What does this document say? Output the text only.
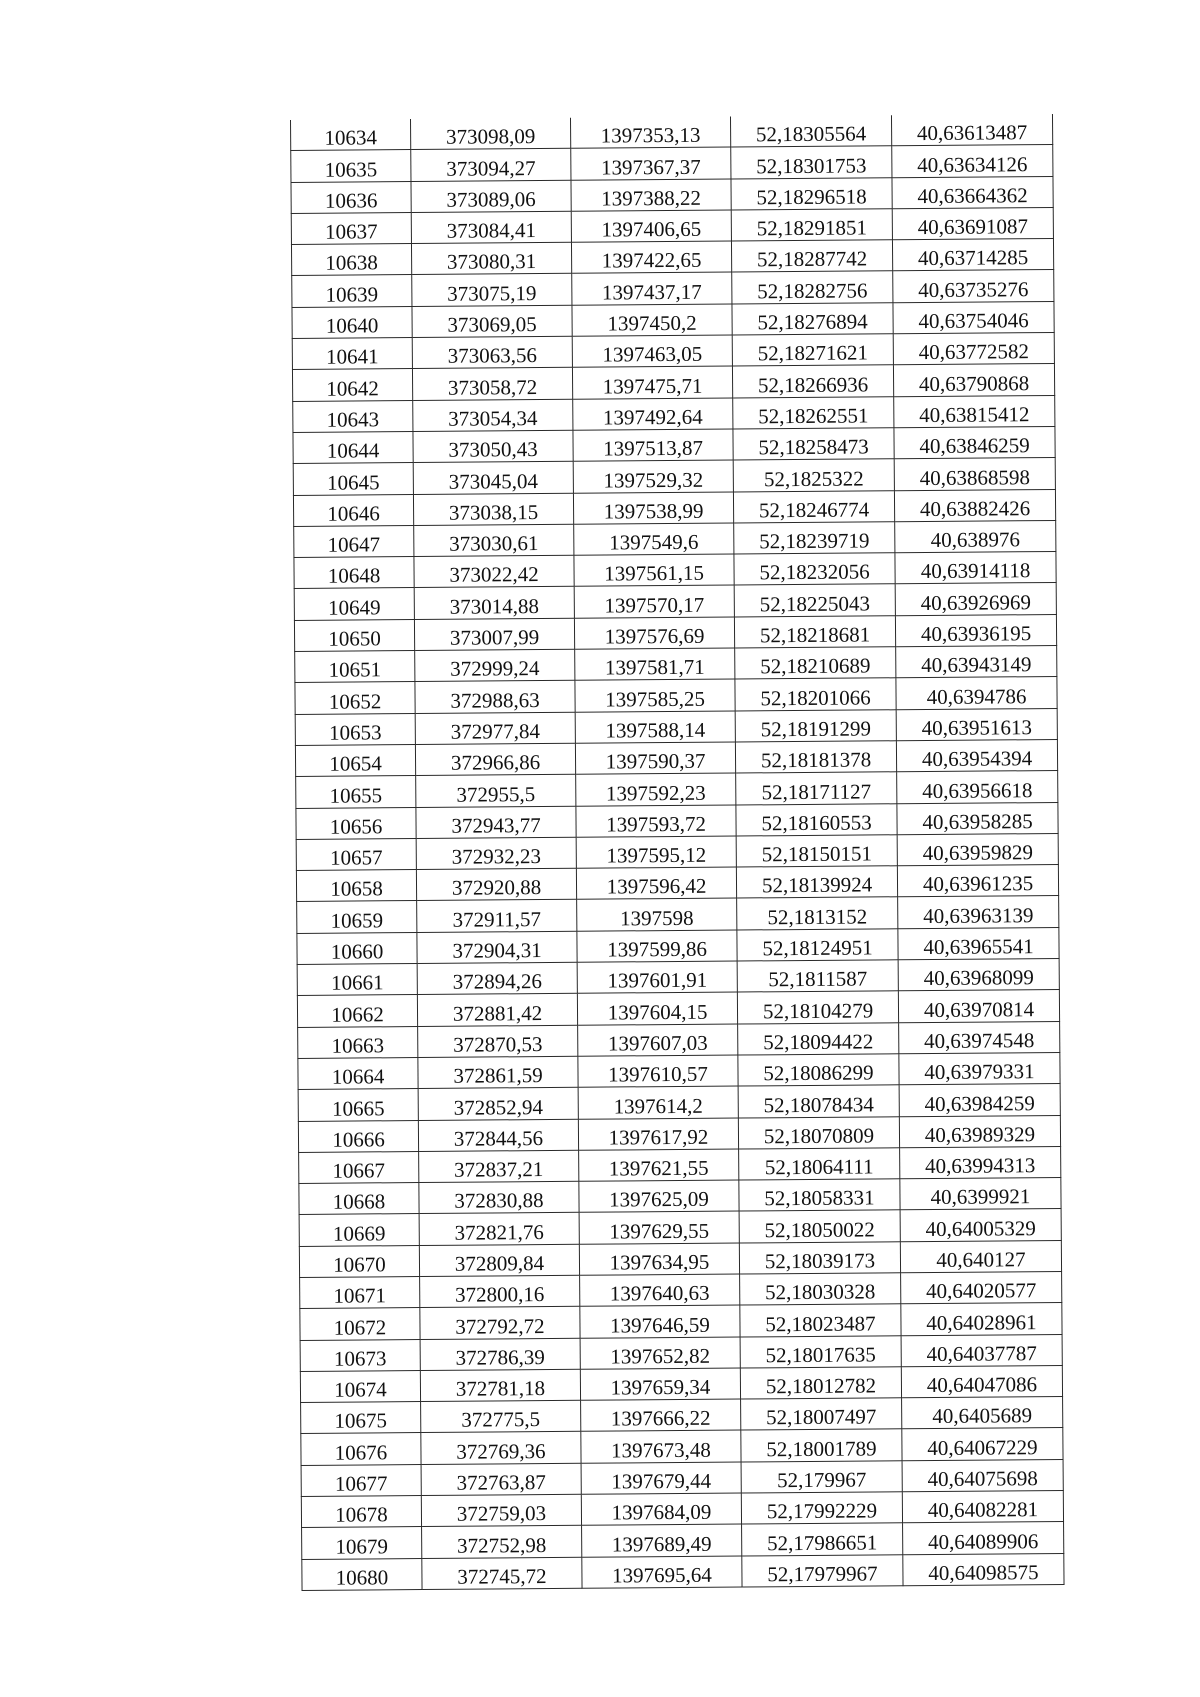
10634	373098,09	1397353,13	52,18305564	40,63613487
10635	373094,27	1397367,37	52,18301753	40,63634126
10636	373089,06	1397388,22	52,18296518	40,63664362
10637	373084,41	1397406,65	52,18291851	40,63691087
10638	373080,31	1397422,65	52,18287742	40,63714285
10639	373075,19	1397437,17	52,18282756	40,63735276
10640	373069,05	1397450,2	52,18276894	40,63754046
10641	373063,56	1397463,05	52,18271621	40,63772582
10642	373058,72	1397475,71	52,18266936	40,63790868
10643	373054,34	1397492,64	52,18262551	40,63815412
10644	373050,43	1397513,87	52,18258473	40,63846259
10645	373045,04	1397529,32	52,1825322	40,63868598
10646	373038,15	1397538,99	52,18246774	40,63882426
10647	373030,61	1397549,6	52,18239719	40,638976
10648	373022,42	1397561,15	52,18232056	40,63914118
10649	373014,88	1397570,17	52,18225043	40,63926969
10650	373007,99	1397576,69	52,18218681	40,63936195
10651	372999,24	1397581,71	52,18210689	40,63943149
10652	372988,63	1397585,25	52,18201066	40,6394786
10653	372977,84	1397588,14	52,18191299	40,63951613
10654	372966,86	1397590,37	52,18181378	40,63954394
10655	372955,5	1397592,23	52,18171127	40,63956618
10656	372943,77	1397593,72	52,18160553	40,63958285
10657	372932,23	1397595,12	52,18150151	40,63959829
10658	372920,88	1397596,42	52,18139924	40,63961235
10659	372911,57	1397598	52,1813152	40,63963139
10660	372904,31	1397599,86	52,18124951	40,63965541
10661	372894,26	1397601,91	52,1811587	40,63968099
10662	372881,42	1397604,15	52,18104279	40,63970814
10663	372870,53	1397607,03	52,18094422	40,63974548
10664	372861,59	1397610,57	52,18086299	40,63979331
10665	372852,94	1397614,2	52,18078434	40,63984259
10666	372844,56	1397617,92	52,18070809	40,63989329
10667	372837,21	1397621,55	52,18064111	40,63994313
10668	372830,88	1397625,09	52,18058331	40,6399921
10669	372821,76	1397629,55	52,18050022	40,64005329
10670	372809,84	1397634,95	52,18039173	40,640127
10671	372800,16	1397640,63	52,18030328	40,64020577
10672	372792,72	1397646,59	52,18023487	40,64028961
10673	372786,39	1397652,82	52,18017635	40,64037787
10674	372781,18	1397659,34	52,18012782	40,64047086
10675	372775,5	1397666,22	52,18007497	40,6405689
10676	372769,36	1397673,48	52,18001789	40,64067229
10677	372763,87	1397679,44	52,179967	40,64075698
10678	372759,03	1397684,09	52,17992229	40,64082281
10679	372752,98	1397689,49	52,17986651	40,64089906
10680	372745,72	1397695,64	52,17979967	40,64098575
